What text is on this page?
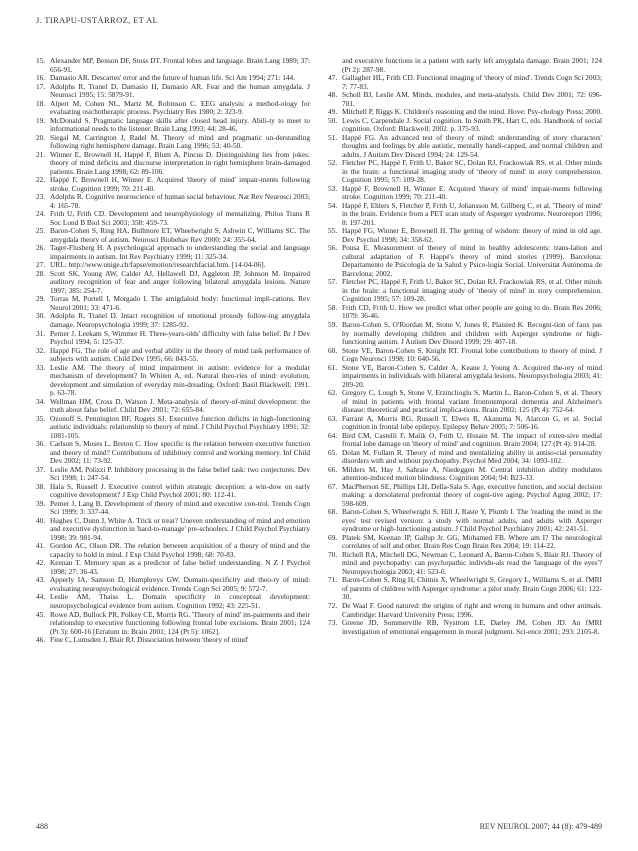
J. TIRAPU-USTÁRROZ, ET AL
15. Alexander MP, Benson DF, Stuss DT. Frontal lobes and language. Brain Lang 1989; 37: 656-91.
16. Damasio AR. Descartes' error and the future of human life. Sci Am 1994; 271: 144.
17. Adolphs R, Tranel D, Damasio H, Damasio AR. Fear and the human amygdala. J Neurosci 1995; 15: 5879-91.
18. Alpert M, Cohen NL, Martz M, Robinson C. EEG analysis: a method-ology for evaluating osichotherapic process. Psychiatry Res 1980; 2: 323-9.
19. McDonald S. Pragmatic language skills after closed head injury. Abili-ty to meet to informational needs to the listener. Brain Lang 1993; 44: 28-46.
20. Siegal M, Carrington J, Radel M. Theory of mind and pragmatic un-derstanding following right hemisphere damage. Brain Lang 1996; 53: 40-50.
21. Winner E, Brownell H, Happé F, Blum A, Pincus D. Distinguishing lies from jokes: theory of mind deficits and discourse interpretation in right hemisphere brain-damaged patients. Brain Lang 1998; 62: 89-106.
22. Happé F, Brownell H, Winner E. Acquired 'theory of mind' impair-ments following stroke. Cognition 1999; 70: 211-40.
23. Adolphs R. Cognitive neuroscience of human social behaviour. Nat Rev Neurosci 2003; 4: 165-78.
24. Frith U, Frith CD. Development and neurophysiology of mentalizing. Philos Trans R Soc Lond B Biol Sci 2003; 358: 459-73.
25. Baron-Cohen S, Ring HA, Bullmore ET, Wheelwright S, Ashwin C, Williams SC. The amygdala theory of autism. Neurosci Biobehav Rev 2000; 24: 355-64.
26. Tager-Flusberg H. A psychological approach to understanding the social and language impairments in autism. Int Rev Psychiatry 1999; 11: 325-34.
27. URL: http://www.unige.ch/fapse/emotion/researchfacial.htm. [14-04-06].
28. Scott SK, Young AW, Calder AJ, Hellawell DJ, Aggleton JP, Johnson M. Impaired auditory recognition of fear and anger following bilateral amygdala lesions. Nature 1997; 385: 254-7.
29. Torras M, Portell I, Morgado I. The amigdaloid body: functional impli-cations. Rev Neurol 2001; 33: 471-6.
30. Adolphs R, Tranel D. Intact recognition of emotional prosody follow-ing amygdala damage. Neuropsychologia 1999; 37: 1285-92.
31. Perner J, Leekam S, Wimmer H. Three-years-olds' difficulty with false belief. Br J Dev Psychol 1994; 5: 125-37.
32. Happé FG. The role of age and verbal ability in the theory of mind task performance of subjects with autism. Child Dev 1995; 66: 843-55.
33. Leslie AM. The theory of mind impairment in autism: evidence for a modular mechanism of development? In Whiten A, ed. Natural theo-ries of mind: evolution, development and simulation of everyday min-dreading. Oxford: Basil Blackwell; 1991. p. 63-78.
34. Wellman HM, Cross D, Watson J. Meta-analysis of theory-of-mind development: the truth about false belief. Child Dev 2001; 72: 655-84.
35. Ozonoff S, Pennington BF, Rogers SJ. Executive function deficits in high-functioning autistic individuals: relationship to theory of mind. J Child Psychol Psychiatry 1991; 32: 1081-105.
36. Carlson S, Moses L, Breton C. How specific is the relation between executive function and theory of mind? Contributions of inhibitory control and working memory. Inf Child Dev 2002; 11: 73-92.
37. Leslie AM, Polizzi P. Inhibitory processing in the false belief task: two conjectures. Dev Sci 1998; 1: 247-54.
38. Hala S, Russell J. Executive control within strategic deception: a win-dow on early cognitive development? J Exp Child Psychol 2001; 80: 112-41.
39. Perner J, Lang B. Development of theory of mind and executive con-trol. Trends Cogn Sci 1999; 3: 337-44.
40. Hughes C, Dunn J, White A. Trick or treat? Uneven understanding of mind and emotion and executive dysfunction in 'hard-to-manage' pre-schoolers. J Child Psychol Psychiatry 1998; 39: 981-94.
41. Gordon AC, Olson DR. The relation between acquisition of a theory of mind and the capacity to hold in mind. J Exp Child Psychol 1998; 68: 70-83.
42. Keenan T. Memory span as a predictor of false belief understanding. N Z J Psychol 1998; 27: 36-43.
43. Apperly IA, Samson D, Humphreys GW. Domain-specificity and theo-ry of mind: evaluating neuropsychological evidence. Trends Cogn Sci 2005; 9: 572-7.
44. Leslie AM, Thaiss L. Domain specificity in conceptual development: neuropsychological evidence from autism. Cognition 1992; 43: 225-51.
45. Rowe AD, Bullock PR, Polkey CE, Morris RG. 'Theory of mind' im-pairments and their relationship to executive functioning following frontal lobe excisions. Brain 2001; 124 (Pt 3): 600-16 [Erratum in: Brain 2001; 124 (Pt 5): 1062].
46. Fine C, Lumsden J, Blair RJ. Dissociation between 'theory of mind'
and executive functions in a patient with early left amygdala damage. Brain 2001; 124 (Pt 2): 287-98.
47. Gallagher HL, Frith CD. Functional imaging of 'theory of mind'. Trends Cogn Sci 2003; 7: 77-83.
48. Scholl BJ, Leslie AM. Minds, modules, and meta-analysis. Child Dev 2001; 72: 696-701.
49. Mitchell P, Riggs K. Children's reasoning and the mind. Hove: Psy-chology Press; 2000.
50. Lewis C, Carpendale J. Social cognition. In Smith PK, Hart C, eds. Handbook of social cognition. Oxford: Blackwell; 2002. p. 375-93.
51. Happé FG. An advanced test of theory of mind: understanding of story characters' thoughts and feelings by able autistic, mentally handi-capped, and normal children and adults. J Autism Dev Disord 1994; 24: 129-54.
52. Fletcher PC, Happé F, Frith U, Baker SC, Dolan RJ, Frackowiak RS, et al. Other minds in the brain: a functional imaging study of 'theory of mind' in story comprehension. Cognition 1995; 57: 109-28.
53. Happé F, Brownell H, Winner E. Acquired 'theory of mind' impair-ments following stroke. Cognition 1999; 70: 211-40.
54. Happé F, Ehlers S, Fletcher P, Frith U, Johansson M, Gillberg C, et al. 'Theory of mind' in the brain. Evidence from a PET scan study of Asperger syndrome. Neuroreport 1996; 8: 197-201.
55. Happé FG, Winner E, Brownell H. The getting of wisdom: theory of mind in old age. Dev Psychol 1998; 34: 358-62.
56. Pousa E. Measurement of theory of mind in healthy adolescents: trans-lation and cultural adaptation of F. Happé's theory of mind stories (1999). Barcelona: Departamento de Psicología de la Salud y Psico-logía Social. Universitat Autònoma de Barcelona; 2002.
57. Fletcher PC, Happé F, Frith U, Baker SC, Dolan RJ, Frackowiak RS, et al. Other minds in the brain: a functional imaging study of 'theory of mind' in story comprehension. Cognition 1995; 57: 109-28.
58. Frith CD, Frith U. How we predict what other people are going to do. Brain Res 2006; 1079: 36-46.
59. Baron-Cohen S, O'Riordan M, Stone V, Jones R, Plaisted K. Recogni-tion of faux pas by normally developing children and children with Asperger syndrome or high-functioning autism. J Autism Dev Disord 1999; 29: 407-18.
60. Stone VE, Baron-Cohen S, Knight RT. Frontal lobe contributions to theory of mind. J Cogn Neurosci 1998; 10: 640-56.
61. Stone VE, Baron-Cohen S, Calder A, Keane J, Young A. Acquired the-ory of mind impairments in individuals with bilateral amygdala lesions. Neuropsychologia 2003; 41: 209-20.
62. Gregory C, Lough S, Stone V, Erzinclioglu S, Martin L, Baron-Cohen S, et al. Theory of mind in patients with frontal variant frontotemporal dementia and Alzheimer's disease: theoretical and practical implica-tions. Brain 2002; 125 (Pt 4): 752-64.
63. Farrant A, Morris RG, Russell T, Elwes R, Akanuma N, Alarcon G, et al. Social cognition in frontal lobe epilepsy. Epilepsy Behav 2005; 7: 506-16.
64. Bird CM, Castelli F, Malik O, Frith U, Husain M. The impact of exten-sive medial frontal lobe damage on 'theory of mind' and cognition. Brain 2004; 127 (Pt 4): 914-28.
65. Dolan M, Fullam R. Theory of mind and mentalizing ability in antiso-cial personality disorders with and without psychopathy. Psychol Med 2004; 34: 1093-102.
66. Milders M, Hay J, Sahraie A, Niedeggen M. Central inhibition ability modulates attention-induced motion blindness. Cognition 2004; 94: B23-33.
67. MacPherson SE, Phillips LH, Della-Sala S. Age, executive function, and social decision making: a dorsolateral prefrontal theory of cogni-tive aging. Psychol Aging 2002; 17: 598-609.
68. Baron-Cohen S, Wheelwright S, Hill J, Raste Y, Plumb I. The 'reading the mind in the eyes' test revised version: a study with normal adults, and adults with Asperger syndrome or high-functioning autism. J Child Psychol Psychiatry 2001; 42: 241-51.
69. Platek SM, Keenan JP, Gallup Jr. GG, Mohamed FB. Where am I? The neurological correlates of self and other. Brain Res Cogn Brain Res 2004; 19: 114-22.
70. Richell RA, Mitchell DG, Newman C, Leonard A, Baron-Cohen S, Blair RJ. Theory of mind and psychopathy: can psychopathic individu-als read the 'language of the eyes'? Neuropsychologia 2003; 41: 523-6.
71. Baron-Cohen S, Ring H, Chitnis X, Wheelwright S, Gregory L, Williams S, et al. fMRI of parents of children with Asperger syndrome: a pilot study. Brain Cogn 2006; 61: 122-30.
72. De Waal F. Good natured: the origins of right and wrong in humans and other animals. Cambridge: Harvard University Press; 1996.
73. Greene JD, Sommerville RB, Nystrom LE, Darley JM, Cohen JD. An fMRI investigation of emotional engagement in moral judgment. Sci-ence 2001; 293: 2105-8.
488	REV NEUROL 2007; 44 (8): 479-489
